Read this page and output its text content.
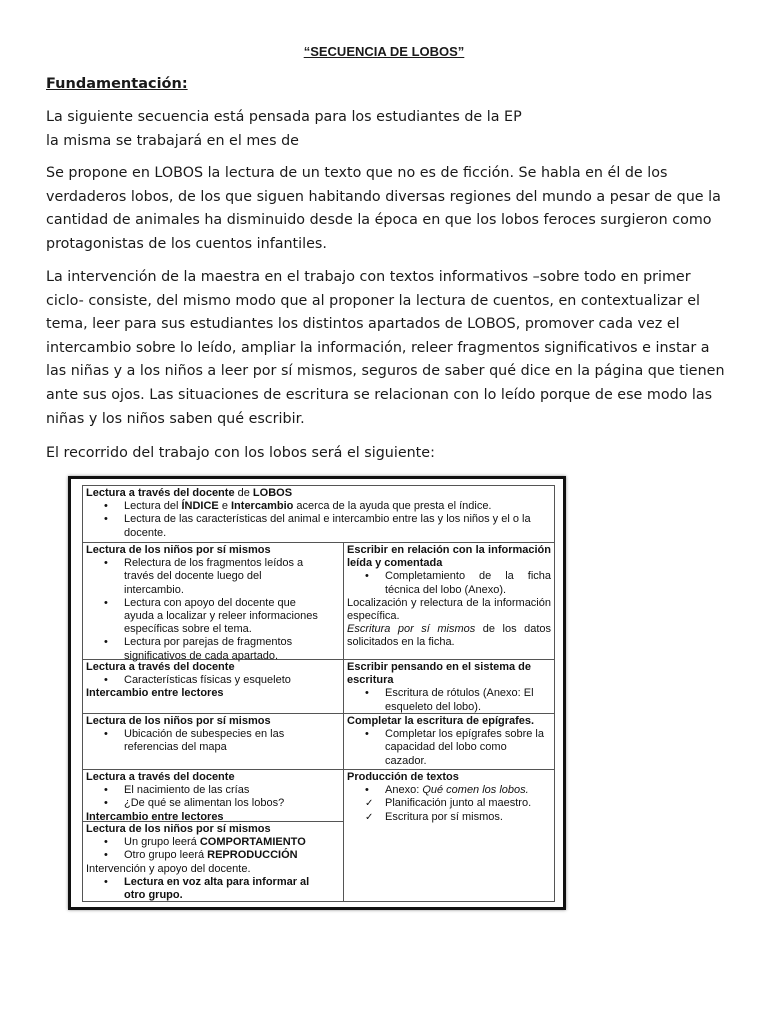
“SECUENCIA DE LOBOS”
Fundamentación:

La siguiente secuencia está pensada para los estudiantes de la EP

la misma se trabajará en el mes de

Se propone en LOBOS la lectura de un texto que no es de ficción. Se habla en él de los verdaderos lobos, de los que siguen habitando diversas regiones del mundo a pesar de que la cantidad de animales ha disminuido desde la época en que los lobos feroces surgieron como protagonistas de los cuentos infantiles.

La intervención de la maestra en el trabajo con textos informativos –sobre todo en primer ciclo- consiste, del mismo modo que al proponer la lectura de cuentos, en contextualizar el tema, leer para sus estudiantes los distintos apartados de LOBOS, promover cada vez el intercambio sobre lo leído, ampliar la información, releer fragmentos significativos e instar a las niñas y a los niños a leer por sí mismos, seguros de saber qué dice en la página que tienen ante sus ojos. Las situaciones de escritura se relacionan con lo leído porque de ese modo las niñas y los niños saben qué escribir.

El recorrido del trabajo con los lobos será el siguiente:

Lectura a través del docente de LOBOS
• Lectura del ÍNDICE e Intercambio acerca de la ayuda que presta el índice.
• Lectura de las características del animal e intercambio entre las y los niños y el o la docente.
Lectura de los niños por sí mismos
• Relectura de los fragmentos leídos a través del docente luego del intercambio.
• Lectura con apoyo del docente que ayuda a localizar y releer informaciones específicas sobre el tema.
• Lectura por parejas de fragmentos significativos de cada apartado.
Escribir en relación con la información leída y comentada
• Completamiento de la ficha técnica del lobo (Anexo).
Localización y relectura de la información específica.
Escritura por sí mismos de los datos solicitados en la ficha.
Lectura a través del docente
• Características físicas y esqueleto
Intercambio entre lectores
Escribir pensando en el sistema de escritura
• Escritura de rótulos (Anexo: El esqueleto del lobo).
Lectura de los niños por sí mismos
• Ubicación de subespecies en las referencias del mapa
Completar la escritura de epígrafes.
• Completar los epígrafes sobre la capacidad del lobo como cazador.
Lectura a través del docente
• El nacimiento de las crías
• ¿De qué se alimentan los lobos?
Intercambio entre lectores
Lectura de los niños por sí mismos
• Un grupo leerá COMPORTAMIENTO
• Otro grupo leerá REPRODUCCIÓN
Intervención y apoyo del docente.
• Lectura en voz alta para informar al otro grupo.
Producción de textos
• Anexo: Qué comen los lobos.
✓ Planificación junto al maestro.
✓ Escritura por sí mismos.
